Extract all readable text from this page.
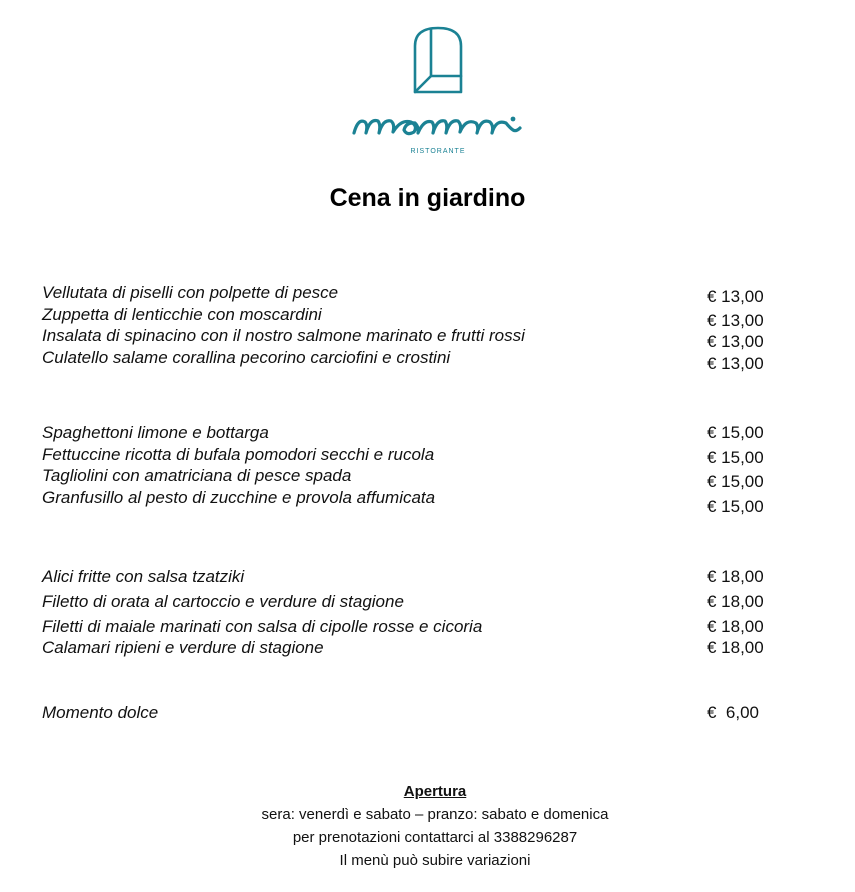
RISTORANTE
Cena in giardino
Vellutata di piselli con polpette di pesce	€ 13,00
Zuppetta di lenticchie con moscardini	€ 13,00
Insalata di spinacino con il nostro salmone marinato e frutti rossi	€ 13,00
Culatello salame corallina pecorino carciofini e crostini	€ 13,00
Spaghettoni limone e bottarga	€ 15,00
Fettuccine ricotta di bufala pomodori secchi e rucola	€ 15,00
Tagliolini con amatriciana di pesce spada	€ 15,00
Granfusillo al pesto di zucchine e provola affumicata	€ 15,00
Alici fritte con salsa tzatziki	€ 18,00
Filetto di orata al cartoccio e verdure di stagione	€ 18,00
Filetti di maiale marinati con salsa di cipolle rosse e cicoria	€ 18,00
Calamari ripieni e verdure di stagione	€ 18,00
Momento dolce	€  6,00
Apertura
sera: venerdì e sabato – pranzo: sabato e domenica
per prenotazioni contattarci al 3388296287
Il menù può subire variazioni
